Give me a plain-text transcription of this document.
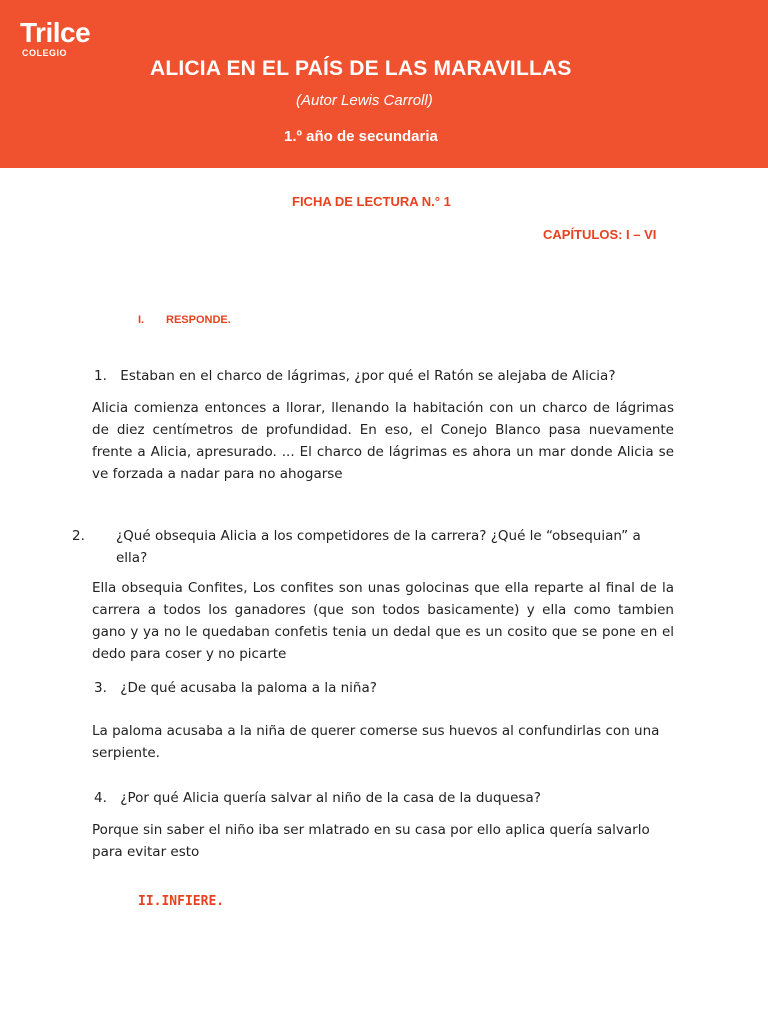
Trilce
COLEGIO
ALICIA EN EL PAÍS DE LAS MARAVILLAS
(Autor Lewis Carroll)
1.º año de secundaria
FICHA DE LECTURA N.° 1
CAPÍTULOS: I – VI
I. RESPONDE.
1. Estaban en el charco de lágrimas, ¿por qué el Ratón se alejaba de Alicia?
Alicia comienza entonces a llorar, llenando la habitación con un charco de lágrimas de diez centímetros de profundidad. En eso, el Conejo Blanco pasa nuevamente frente a Alicia, apresurado. ... El charco de lágrimas es ahora un mar donde Alicia se ve forzada a nadar para no ahogarse
2. ¿Qué obsequia Alicia a los competidores de la carrera? ¿Qué le “obsequian” a ella?
Ella obsequia Confites, Los confites son unas golocinas que ella reparte al final de la carrera a todos los ganadores (que son todos basicamente) y ella como tambien gano y ya no le quedaban confetis tenia un dedal que es un cosito que se pone en el dedo para coser y no picarte
3. ¿De qué acusaba la paloma a la niña?
La paloma acusaba a la niña de querer comerse sus huevos al confundirlas con una serpiente.
4. ¿Por qué Alicia quería salvar al niño de la casa de la duquesa?
Porque sin saber el niño iba ser mlatrado en su casa por ello aplica quería salvarlo para evitar esto
II.INFIERE.
